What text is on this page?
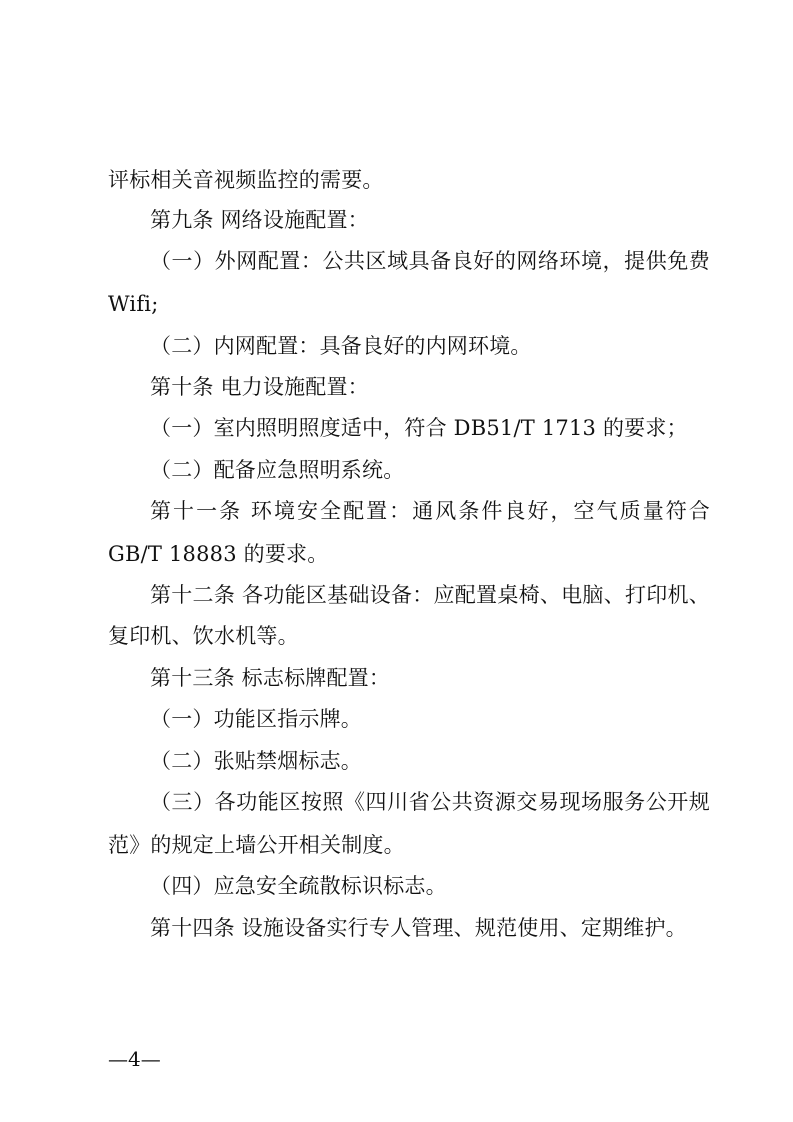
评标相关音视频监控的需要。
第九条 网络设施配置：
（一）外网配置：公共区域具备良好的网络环境，提供免费
Wifi;
（二）内网配置：具备良好的内网环境。
第十条 电力设施配置：
（一）室内照明照度适中，符合 DB51/T 1713 的要求；
（二）配备应急照明系统。
第十一条 环境安全配置：通风条件良好，空气质量符合
GB/T 18883 的要求。
第十二条 各功能区基础设备：应配置桌椅、电脑、打印机、
复印机、饮水机等。
第十三条 标志标牌配置：
（一）功能区指示牌。
（二）张贴禁烟标志。
（三）各功能区按照《四川省公共资源交易现场服务公开规
范》的规定上墙公开相关制度。
（四）应急安全疏散标识标志。
第十四条 设施设备实行专人管理、规范使用、定期维护。
—4—
